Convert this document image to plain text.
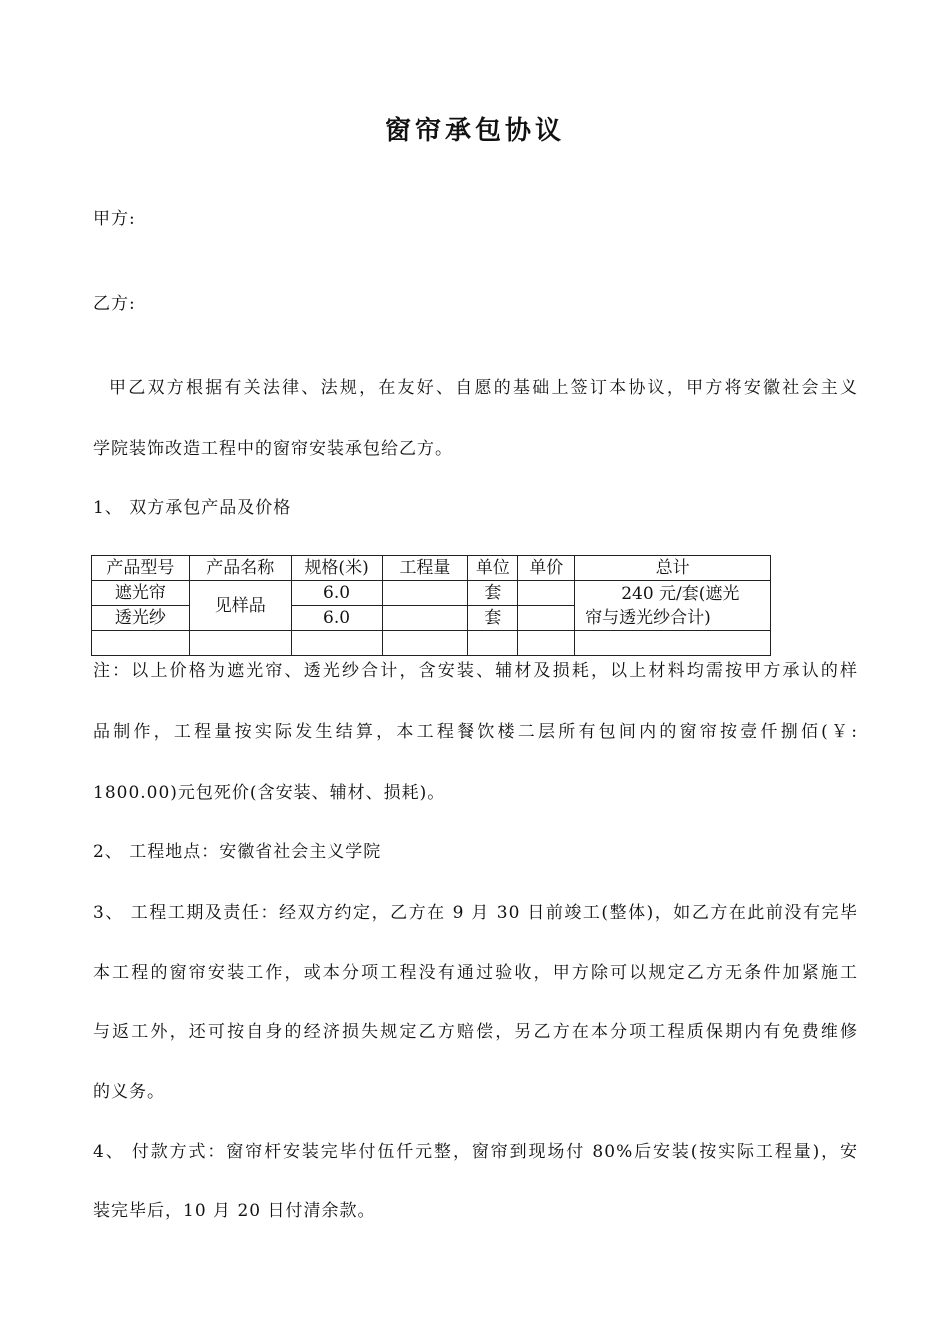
窗帘承包协议
甲方:
乙方:
甲乙双方根据有关法律、法规，在友好、自愿的基础上签订本协议，甲方将安徽社会主义
学院装饰改造工程中的窗帘安装承包给乙方。
1、 双方承包产品及价格
产品型号	产品名称	规格(米)	工程量	单位	单价	总计
遮光帘	见样品	6.0		套		240 元/套(遮光
帘与透光纱合计)

透光纱		6.0		套		

注：以上价格为遮光帘、透光纱合计，含安装、辅材及损耗，以上材料均需按甲方承认的样
品制作，工程量按实际发生结算，本工程餐饮楼二层所有包间内的窗帘按壹仟捌佰(￥:
1800.00)元包死价(含安装、辅材、损耗)。
2、 工程地点：安徽省社会主义学院
3、 工程工期及责任：经双方约定，乙方在 9 月 30 日前竣工(整体)，如乙方在此前没有完毕
本工程的窗帘安装工作，或本分项工程没有通过验收，甲方除可以规定乙方无条件加紧施工
与返工外，还可按自身的经济损失规定乙方赔偿，另乙方在本分项工程质保期内有免费维修
的义务。
4、 付款方式：窗帘杆安装完毕付伍仟元整，窗帘到现场付 80%后安装(按实际工程量)，安
装完毕后，10 月 20 日付清余款。
